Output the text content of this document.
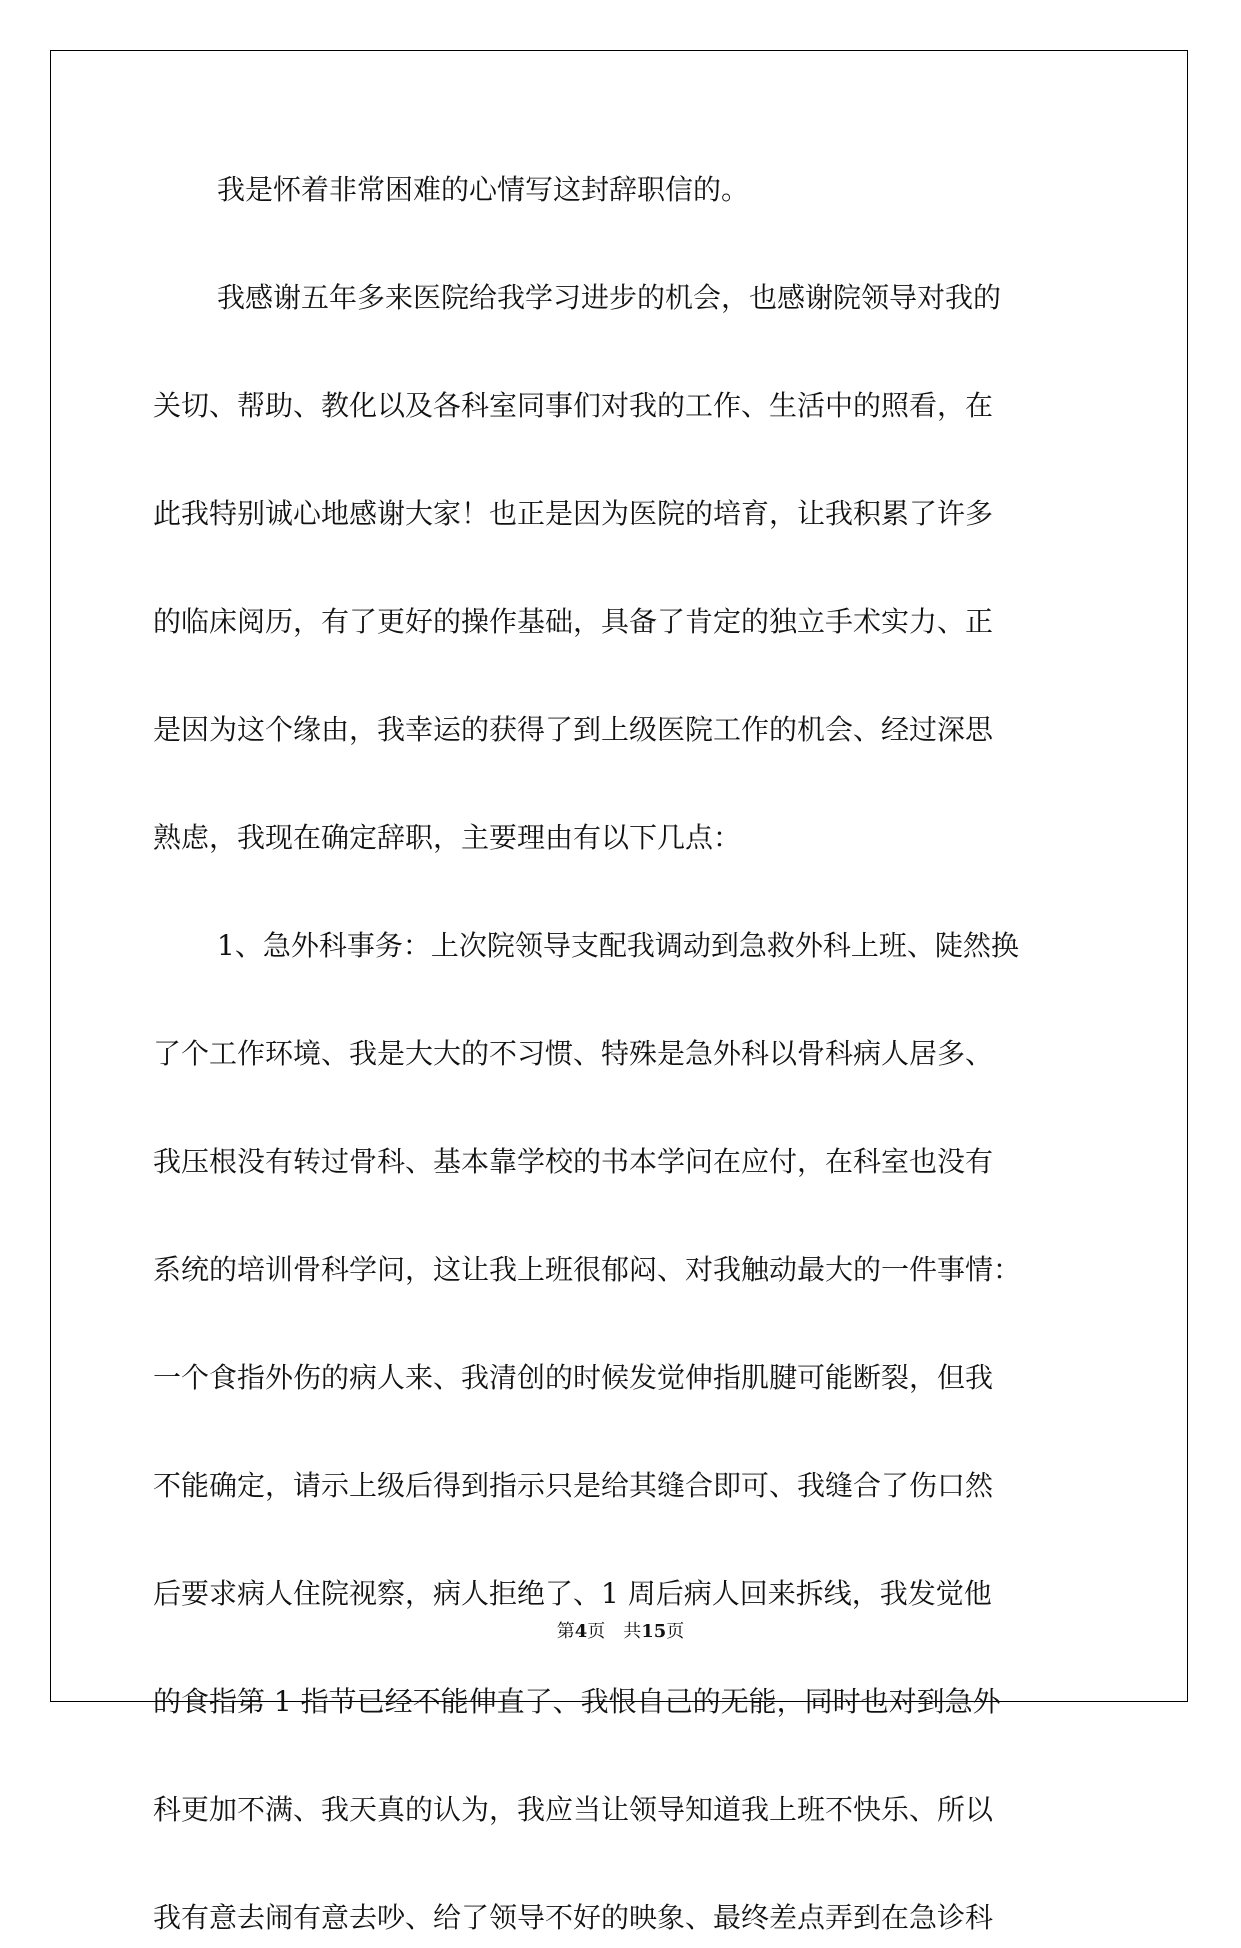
我是怀着非常困难的心情写这封辞职信的。
我感谢五年多来医院给我学习进步的机会，也感谢院领导对我的
关切、帮助、教化以及各科室同事们对我的工作、生活中的照看，在
此我特别诚心地感谢大家！也正是因为医院的培育，让我积累了许多
的临床阅历，有了更好的操作基础，具备了肯定的独立手术实力、正
是因为这个缘由，我幸运的获得了到上级医院工作的机会、经过深思
熟虑，我现在确定辞职，主要理由有以下几点：
1、急外科事务：上次院领导支配我调动到急救外科上班、陡然换
了个工作环境、我是大大的不习惯、特殊是急外科以骨科病人居多、
我压根没有转过骨科、基本靠学校的书本学问在应付，在科室也没有
系统的培训骨科学问，这让我上班很郁闷、对我触动最大的一件事情：
一个食指外伤的病人来、我清创的时候发觉伸指肌腱可能断裂，但我
不能确定，请示上级后得到指示只是给其缝合即可、我缝合了伤口然
后要求病人住院视察，病人拒绝了、1 周后病人回来拆线，我发觉他
的食指第 1 指节已经不能伸直了、我恨自己的无能，同时也对到急外
科更加不满、我天真的认为，我应当让领导知道我上班不快乐、所以
我有意去闹有意去吵、给了领导不好的映象、最终差点弄到在急诊科
第4页 共15页
